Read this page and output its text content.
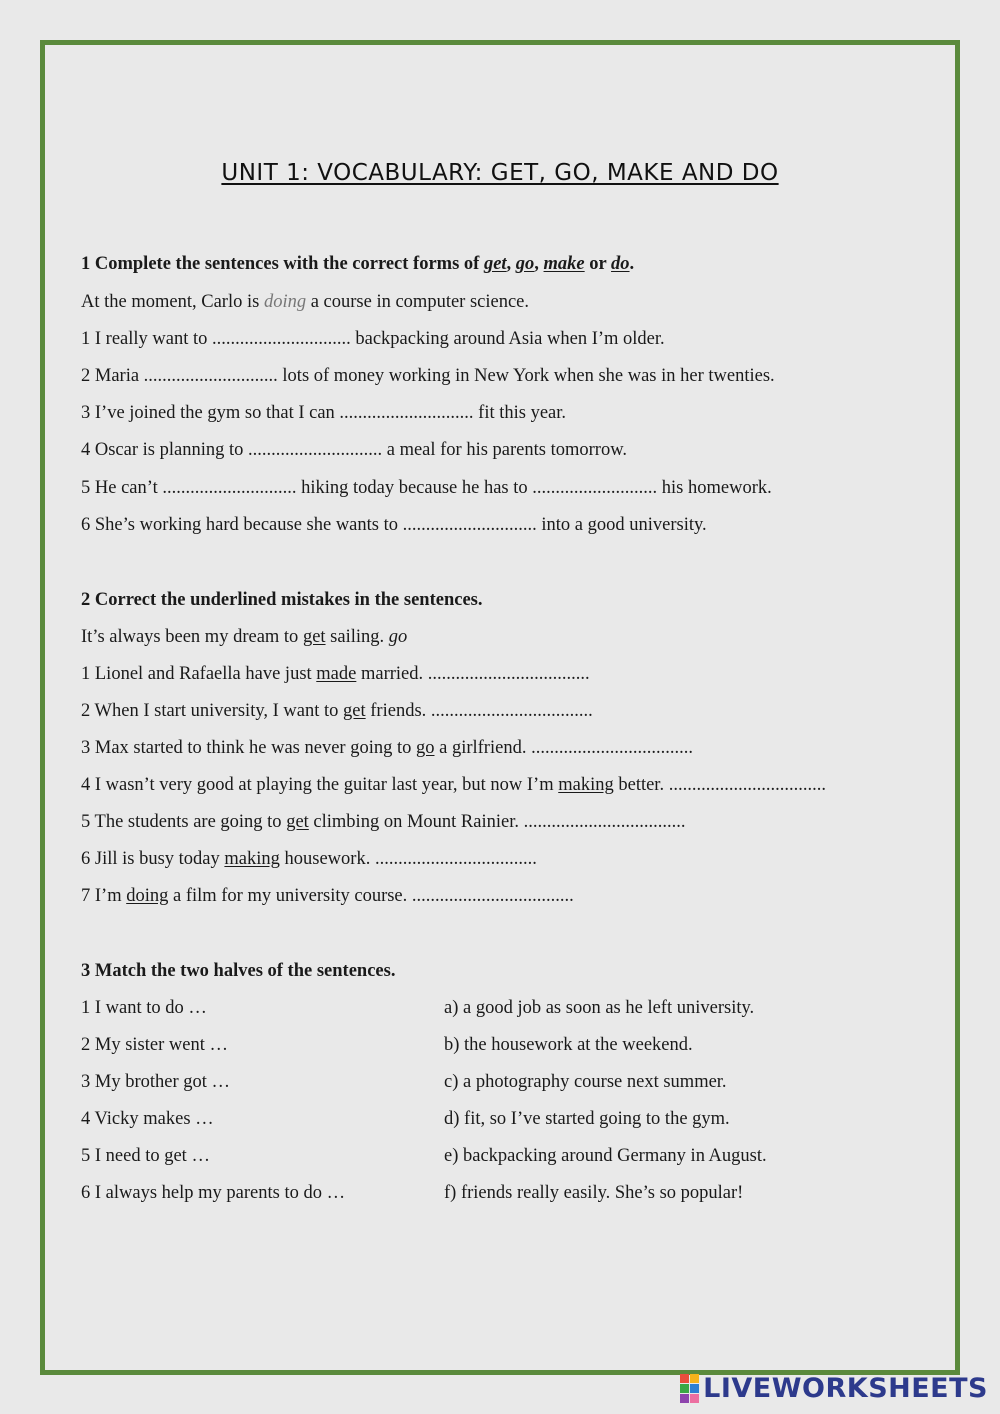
UNIT 1: VOCABULARY: GET, GO, MAKE AND DO
1 Complete the sentences with the correct forms of get, go, make or do.
At the moment, Carlo is doing a course in computer science.
1 I really want to .............................. backpacking around Asia when I’m older.
2 Maria ............................. lots of money working in New York when she was in her twenties.
3 I’ve joined the gym so that I can ............................. fit this year.
4 Oscar is planning to ............................. a meal for his parents tomorrow.
5 He can’t ............................. hiking today because he has to ........................... his homework.
6 She’s working hard because she wants to ............................. into a good university.
2 Correct the underlined mistakes in the sentences.
It’s always been my dream to get sailing. go
1 Lionel and Rafaella have just made married. ...................................
2 When I start university, I want to get friends. ...................................
3 Max started to think he was never going to go a girlfriend. ...................................
4 I wasn’t very good at playing the guitar last year, but now I’m making better. ..................................
5 The students are going to get climbing on Mount Rainier. ...................................
6 Jill is busy today making housework. ...................................
7 I’m doing a film for my university course. ...................................
3 Match the two halves of the sentences.
1 I want to do …
2 My sister went …
3 My brother got …
4 Vicky makes …
5 I need to get …
6 I always help my parents to do …
a) a good job as soon as he left university.
b) the housework at the weekend.
c) a photography course next summer.
d) fit, so I’ve started going to the gym.
e) backpacking around Germany in August.
f) friends really easily. She’s so popular!
LIVEWORKSHEETS
